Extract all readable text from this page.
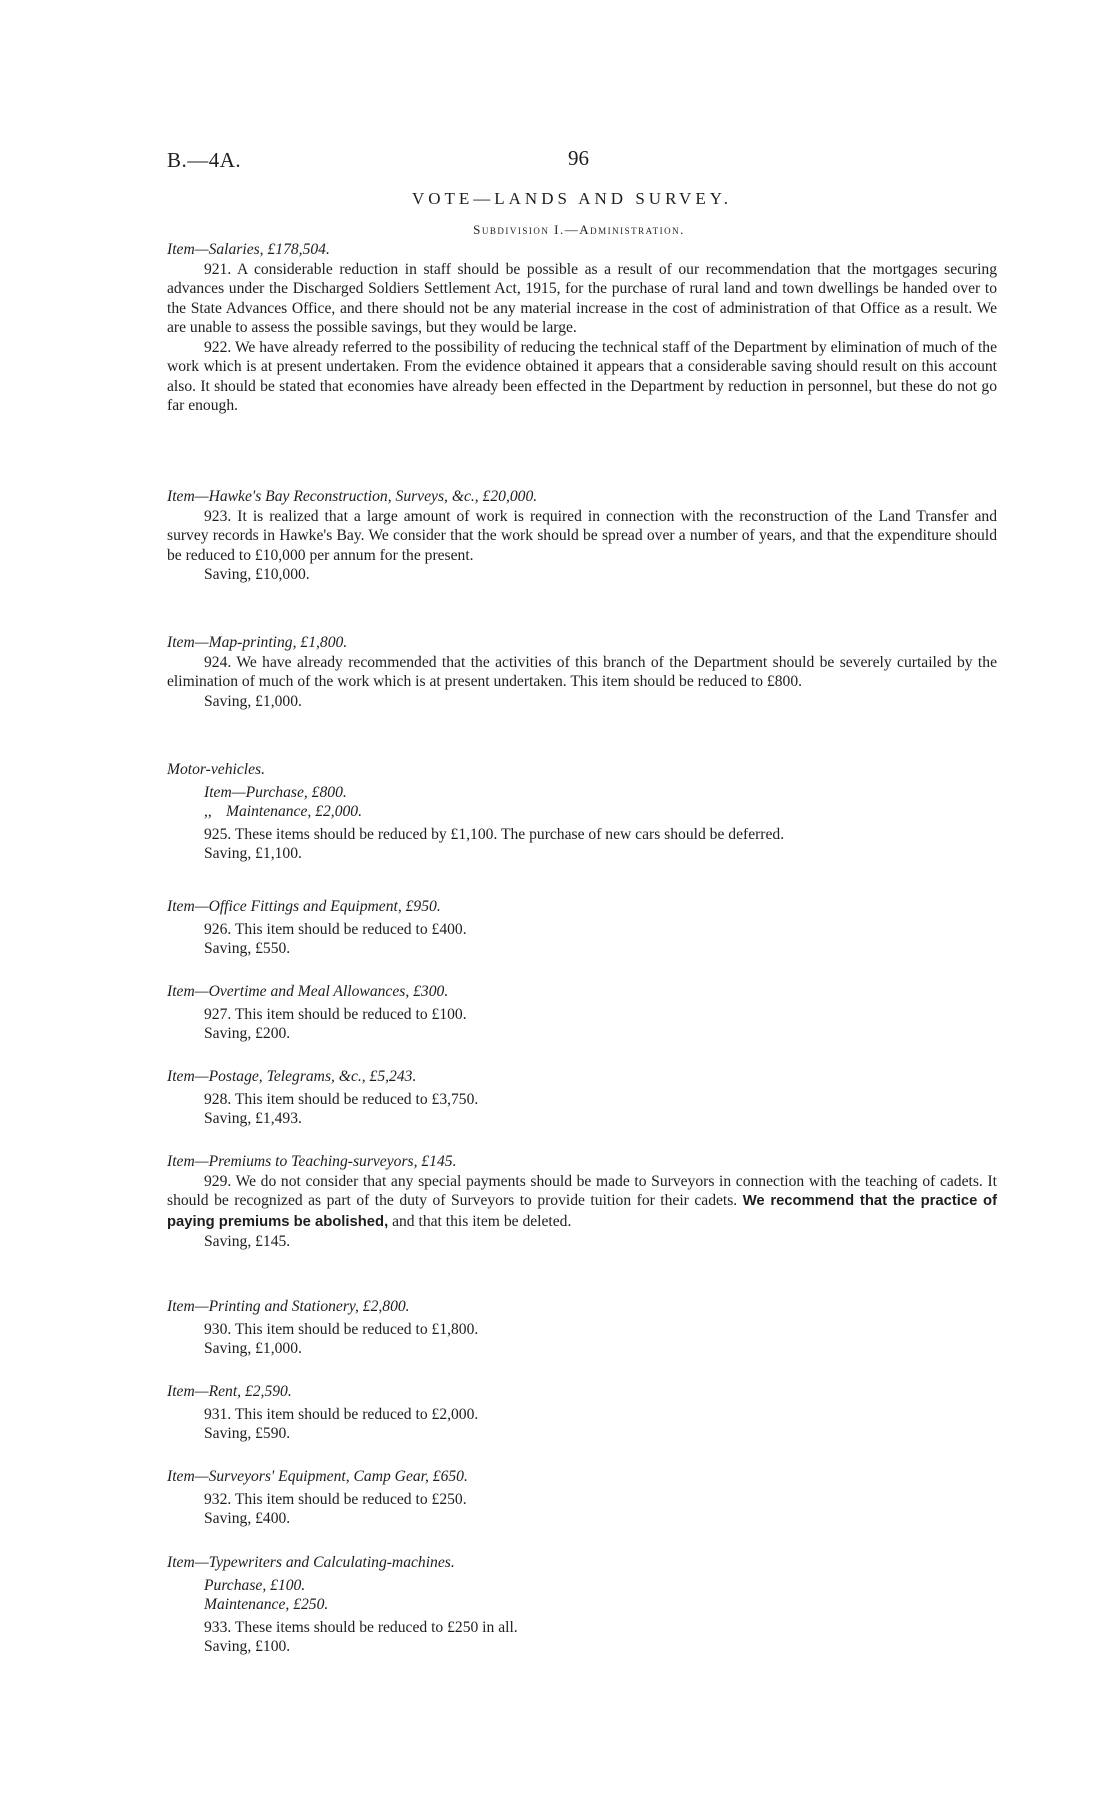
B.—4A.	96
VOTE—LANDS AND SURVEY.
Subdivision I.—Administration.

Item—Salaries, £178,504.

921. A considerable reduction in staff should be possible as a result of our recommendation that the mortgages securing advances under the Discharged Soldiers Settlement Act, 1915, for the purchase of rural land and town dwellings be handed over to the State Advances Office, and there should not be any material increase in the cost of administration of that Office as a result. We are unable to assess the possible savings, but they would be large.

922. We have already referred to the possibility of reducing the technical staff of the Department by elimination of much of the work which is at present undertaken. From the evidence obtained it appears that a considerable saving should result on this account also. It should be stated that economies have already been effected in the Department by reduction in personnel, but these do not go far enough.

Item—Hawke's Bay Reconstruction, Surveys, &c., £20,000.

923. It is realized that a large amount of work is required in connection with the reconstruction of the Land Transfer and survey records in Hawke's Bay. We consider that the work should be spread over a number of years, and that the expenditure should be reduced to £10,000 per annum for the present.

Saving, £10,000.

Item—Map-printing, £1,800.

924. We have already recommended that the activities of this branch of the Department should be severely curtailed by the elimination of much of the work which is at present undertaken. This item should be reduced to £800.

Saving, £1,000.

Motor-vehicles.

Item—Purchase, £800.

,, Maintenance, £2,000.

925. These items should be reduced by £1,100. The purchase of new cars should be deferred.

Saving, £1,100.

Item—Office Fittings and Equipment, £950.

926. This item should be reduced to £400.

Saving, £550.

Item—Overtime and Meal Allowances, £300.

927. This item should be reduced to £100.

Saving, £200.

Item—Postage, Telegrams, &c., £5,243.

928. This item should be reduced to £3,750.

Saving, £1,493.

Item—Premiums to Teaching-surveyors, £145.

929. We do not consider that any special payments should be made to Surveyors in connection with the teaching of cadets. It should be recognized as part of the duty of Surveyors to provide tuition for their cadets. We recommend that the practice of paying premiums be abolished, and that this item be deleted.

Saving, £145.

Item—Printing and Stationery, £2,800.

930. This item should be reduced to £1,800.

Saving, £1,000.

Item—Rent, £2,590.

931. This item should be reduced to £2,000.

Saving, £590.

Item—Surveyors' Equipment, Camp Gear, £650.

932. This item should be reduced to £250.

Saving, £400.

Item—Typewriters and Calculating-machines.

Purchase, £100.

Maintenance, £250.

933. These items should be reduced to £250 in all.

Saving, £100.
